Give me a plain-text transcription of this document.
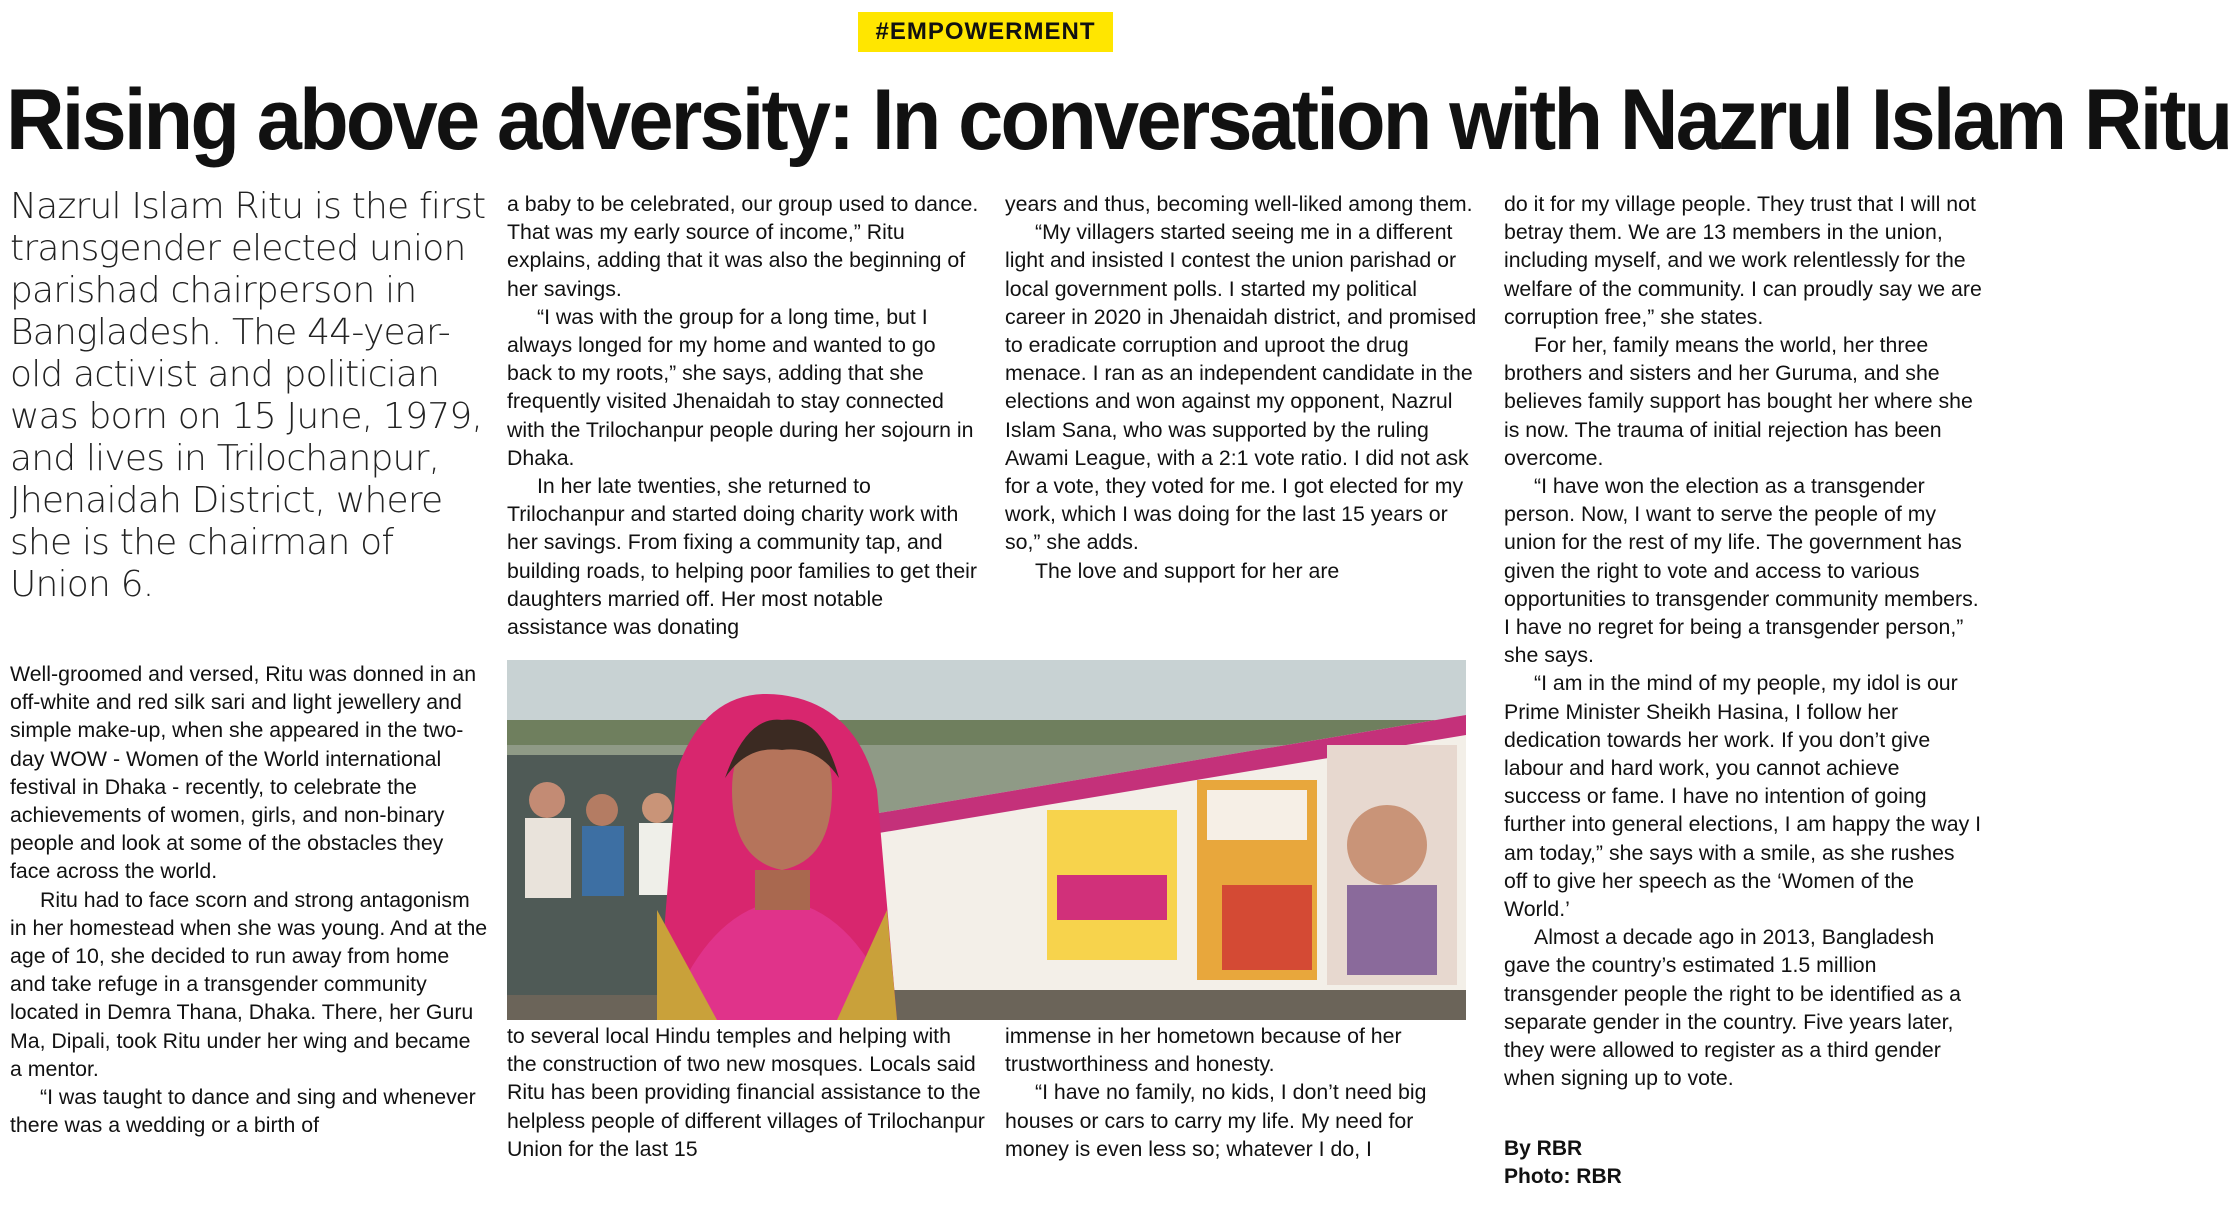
#EMPOWERMENT
Rising above adversity: In conversation with Nazrul Islam Ritu

Nazrul Islam Ritu is the first transgender elected union parishad chairperson in Bangladesh. The 44-year-old activist and politician was born on 15 June, 1979, and lives in Trilochanpur, Jhenaidah District, where she is the chairman of Union 6.

Well-groomed and versed, Ritu was donned in an off-white and red silk sari and light jewellery and simple make-up, when she appeared in the two-day WOW - Women of the World international festival in Dhaka - recently, to celebrate the achievements of women, girls, and non-binary people and look at some of the obstacles they face across the world.

Ritu had to face scorn and strong antagonism in her homestead when she was young. And at the age of 10, she decided to run away from home and take refuge in a transgender community located in Demra Thana, Dhaka. There, her Guru Ma, Dipali, took Ritu under her wing and became a mentor.

“I was taught to dance and sing and whenever there was a wedding or a birth of

a baby to be celebrated, our group used to dance. That was my early source of income,” Ritu explains, adding that it was also the beginning of her savings.

“I was with the group for a long time, but I always longed for my home and wanted to go back to my roots,” she says, adding that she frequently visited Jhenaidah to stay connected with the Trilochanpur people during her sojourn in Dhaka.

In her late twenties, she returned to Trilochanpur and started doing charity work with her savings. From fixing a community tap, and building roads, to helping poor families to get their daughters married off. Her most notable assistance was donating

years and thus, becoming well-liked among them.

“My villagers started seeing me in a different light and insisted I contest the union parishad or local government polls. I started my political career in 2020 in Jhenaidah district, and promised to eradicate corruption and uproot the drug menace. I ran as an independent candidate in the elections and won against my opponent, Nazrul Islam Sana, who was supported by the ruling Awami League, with a 2:1 vote ratio. I did not ask for a vote, they voted for me. I got elected for my work, which I was doing for the last 15 years or so,” she adds.

The love and support for her are

to several local Hindu temples and helping with the construction of two new mosques. Locals said Ritu has been providing financial assistance to the helpless people of different villages of Trilochanpur Union for the last 15

immense in her hometown because of her trustworthiness and honesty.

“I have no family, no kids, I don’t need big houses or cars to carry my life. My need for money is even less so; whatever I do, I

do it for my village people. They trust that I will not betray them. We are 13 members in the union, including myself, and we work relentlessly for the welfare of the community. I can proudly say we are corruption free,” she states.

For her, family means the world, her three brothers and sisters and her Guruma, and she believes family support has bought her where she is now. The trauma of initial rejection has been overcome.

“I have won the election as a transgender person. Now, I want to serve the people of my union for the rest of my life. The government has given the right to vote and access to various opportunities to transgender community members. I have no regret for being a transgender person,” she says.

“I am in the mind of my people, my idol is our Prime Minister Sheikh Hasina, I follow her dedication towards her work. If you don’t give labour and hard work, you cannot achieve success or fame. I have no intention of going further into general elections, I am happy the way I am today,” she says with a smile, as she rushes off to give her speech as the ‘Women of the World.’

Almost a decade ago in 2013, Bangladesh gave the country’s estimated 1.5 million transgender people the right to be identified as a separate gender in the country. Five years later, they were allowed to register as a third gender when signing up to vote.

By RBR
Photo: RBR
